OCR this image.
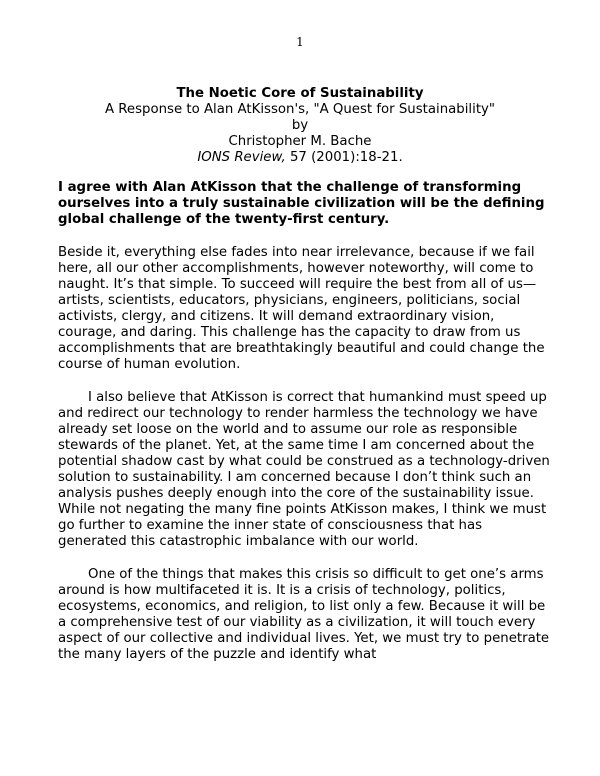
1
The Noetic Core of Sustainability
A Response to Alan AtKisson's, "A Quest for Sustainability"
by
Christopher M. Bache
IONS Review, 57 (2001):18-21.

I agree with Alan AtKisson that the challenge of transforming ourselves into a truly sustainable civilization will be the defining global challenge of the twenty-first century.

Beside it, everything else fades into near irrelevance, because if we fail here, all our other accomplishments, however noteworthy, will come to naught. It’s that simple. To succeed will require the best from all of us—artists, scientists, educators, physicians, engineers, politicians, social activists, clergy, and citizens. It will demand extraordinary vision, courage, and daring. This challenge has the capacity to draw from us accomplishments that are breathtakingly beautiful and could change the course of human evolution.

I also believe that AtKisson is correct that humankind must speed up and redirect our technology to render harmless the technology we have already set loose on the world and to assume our role as responsible stewards of the planet. Yet, at the same time I am concerned about the potential shadow cast by what could be construed as a technology-driven solution to sustainability. I am concerned because I don’t think such an analysis pushes deeply enough into the core of the sustainability issue. While not negating the many fine points AtKisson makes, I think we must go further to examine the inner state of consciousness that has generated this catastrophic imbalance with our world.

One of the things that makes this crisis so difficult to get one’s arms around is how multifaceted it is. It is a crisis of technology, politics, ecosystems, economics, and religion, to list only a few. Because it will be a comprehensive test of our viability as a civilization, it will touch every aspect of our collective and individual lives. Yet, we must try to penetrate the many layers of the puzzle and identify what
